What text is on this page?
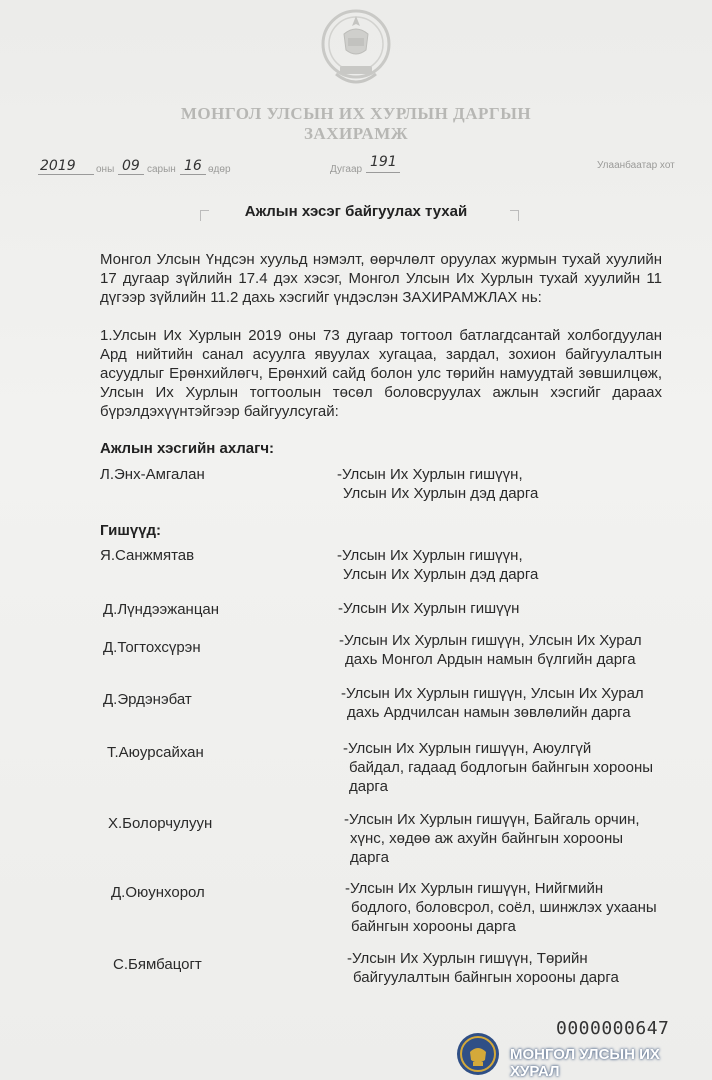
МОНГОЛ УЛСЫН ИХ ХУРЛЫН ДАРГЫН
ЗАХИРАМЖ
2019 оны 09 сарын 16 өдөр	Дугаар 191	Улаанбаатар хот
Ажлын хэсэг байгуулах тухай
Монгол Улсын Үндсэн хуульд нэмэлт, өөрчлөлт оруулах журмын тухай хуулийн 17 дугаар зүйлийн 17.4 дэх хэсэг, Монгол Улсын Их Хурлын тухай хуулийн 11 дүгээр зүйлийн 11.2 дахь хэсгийг үндэслэн ЗАХИРАМЖЛАХ нь:
1.Улсын Их Хурлын 2019 оны 73 дугаар тогтоол батлагдсантай холбогдуулан Ард нийтийн санал асуулга явуулах хугацаа, зардал, зохион байгуулалтын асуудлыг Ерөнхийлөгч, Ерөнхий сайд болон улс төрийн намуудтай зөвшилцөж, Улсын Их Хурлын тогтоолын төсөл боловсруулах ажлын хэсгийг дараах бүрэлдэхүүнтэйгээр байгуулсугай:
Ажлын хэсгийн ахлагч:
Л.Энх-Амгалан	-Улсын Их Хурлын гишүүн,
Улсын Их Хурлын дэд дарга
Гишүүд:
Я.Санжмятав	-Улсын Их Хурлын гишүүн,
Улсын Их Хурлын дэд дарга
Д.Лүндээжанцан	-Улсын Их Хурлын гишүүн
Д.Тогтохсүрэн	-Улсын Их Хурлын гишүүн, Улсын Их Хурал
дахь Монгол Ардын намын бүлгийн дарга
Д.Эрдэнэбат	-Улсын Их Хурлын гишүүн, Улсын Их Хурал
дахь Ардчилсан намын зөвлөлийн дарга
Т.Аюурсайхан	-Улсын Их Хурлын гишүүн, Аюулгүй
байдал, гадаад бодлогын байнгын хорооны
дарга
Х.Болорчулуун	-Улсын Их Хурлын гишүүн, Байгаль орчин,
хүнс, хөдөө аж ахуйн байнгын хорооны
дарга
Д.Оюунхорол	-Улсын Их Хурлын гишүүн, Нийгмийн
бодлого, боловсрол, соёл, шинжлэх ухааны
байнгын хорооны дарга
С.Бямбацогт	-Улсын Их Хурлын гишүүн, Төрийн
байгуулалтын байнгын хорооны дарга
0000000647
МОНГОЛ УЛСЫН ИХ ХУРАЛ
